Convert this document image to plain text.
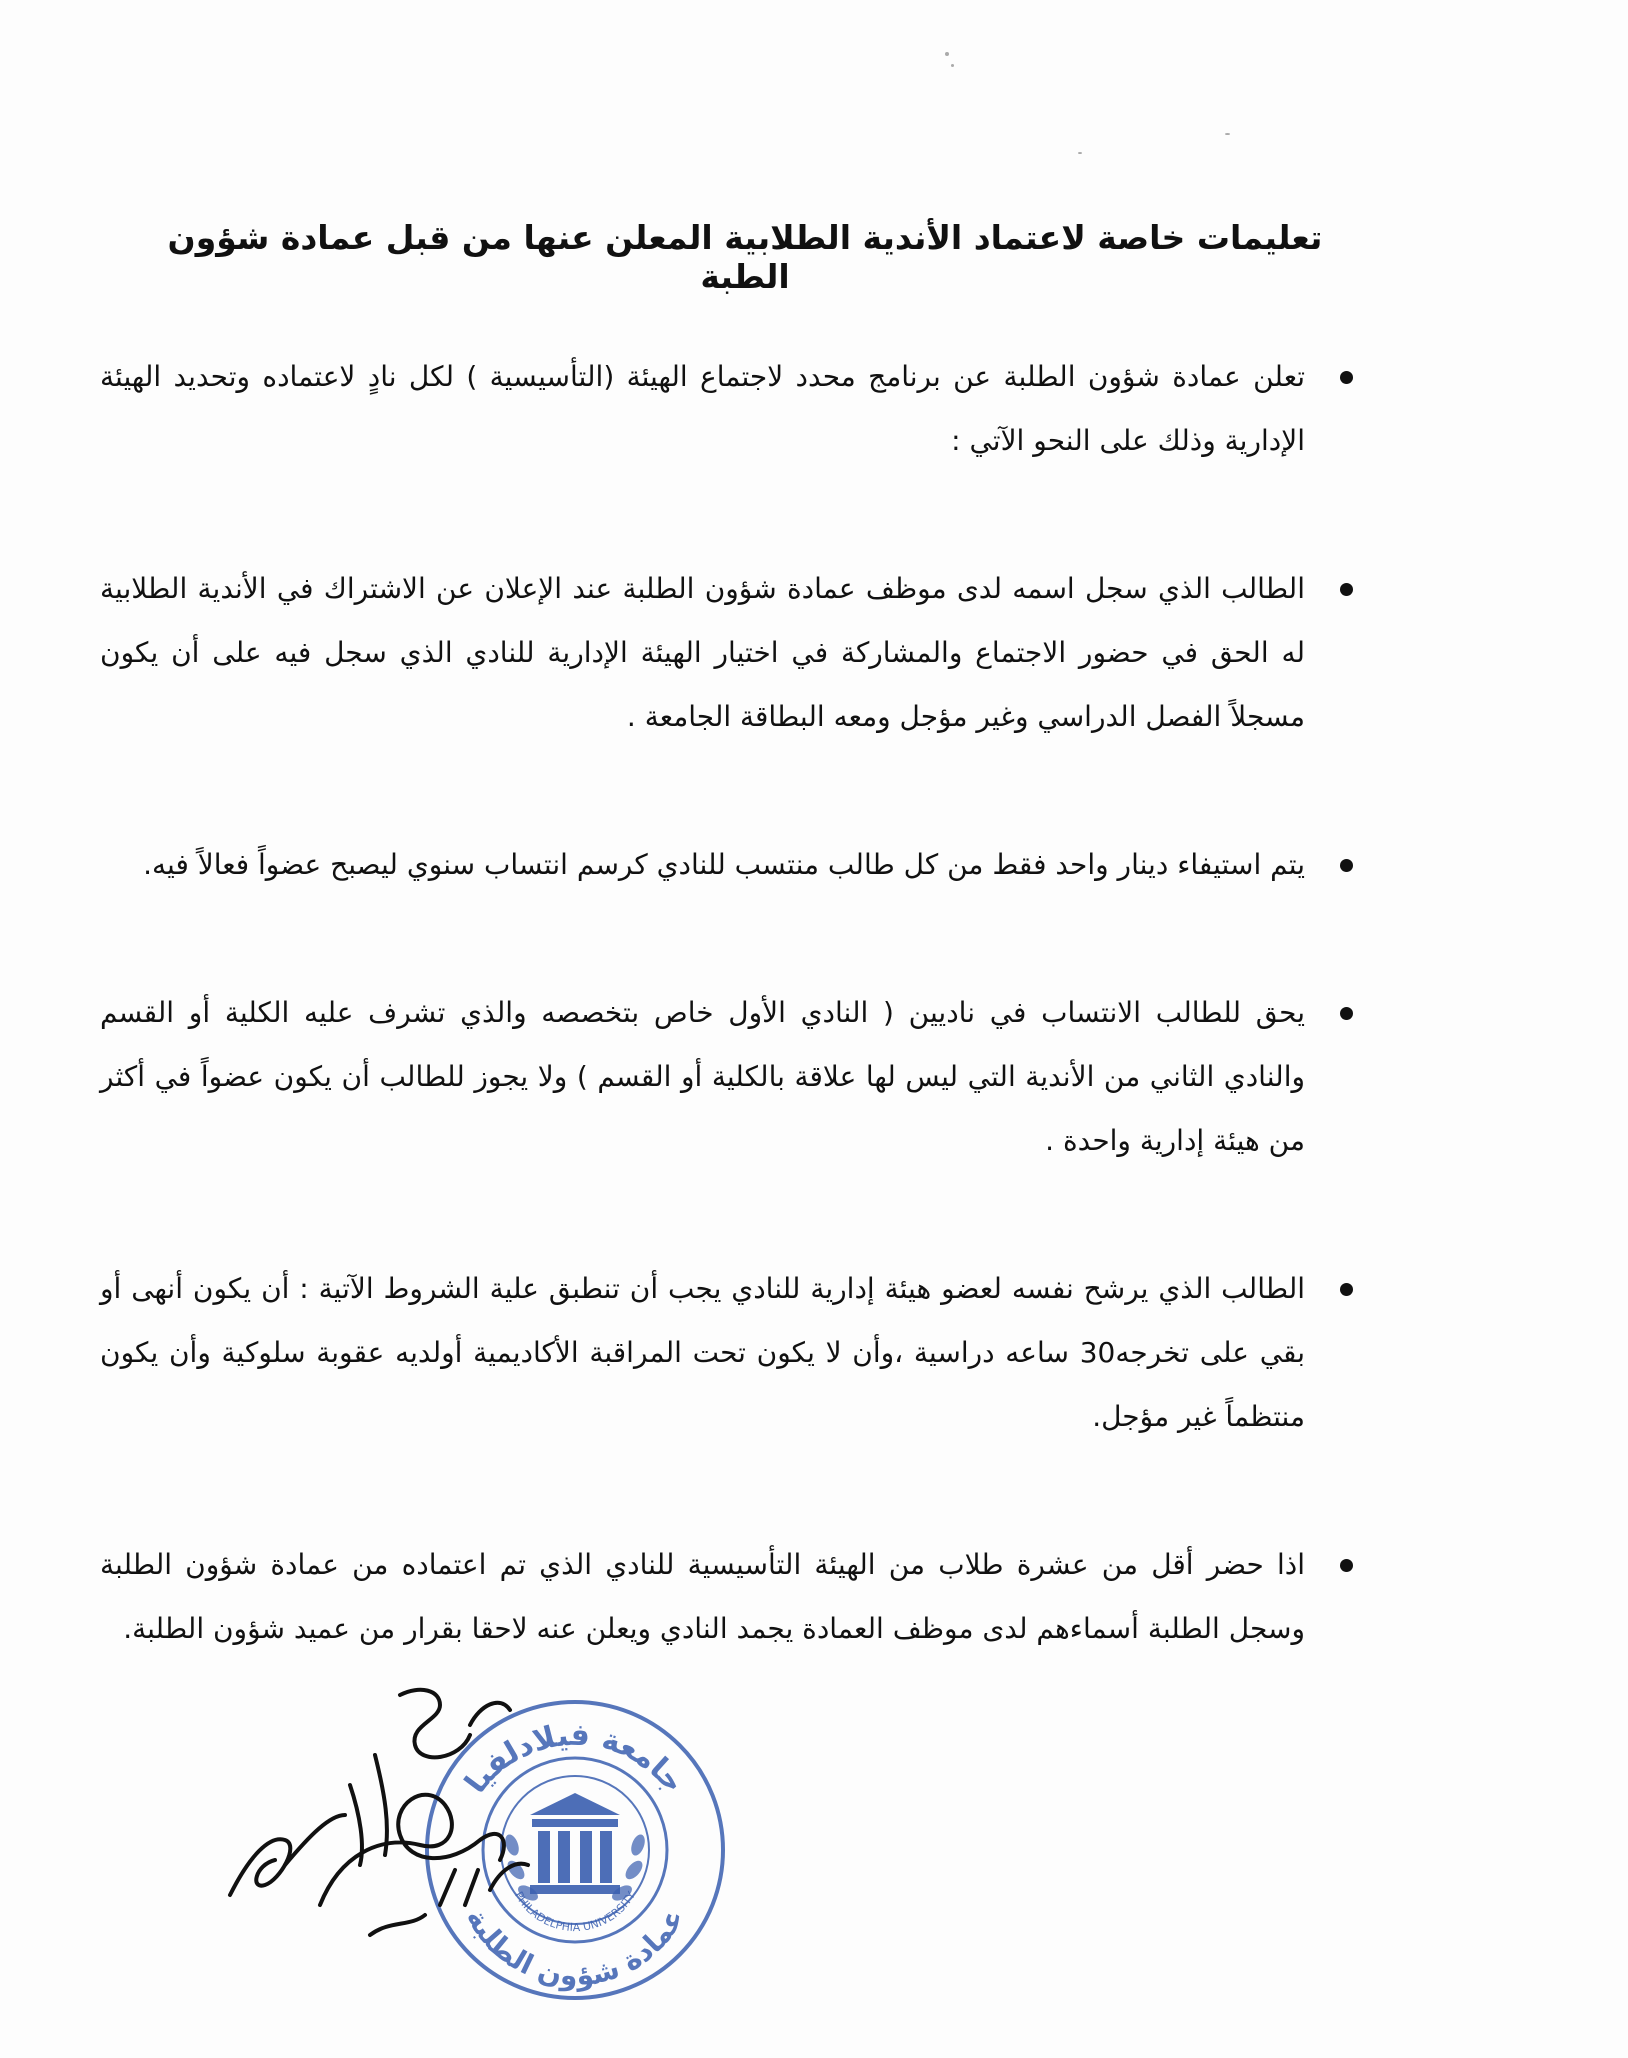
تعليمات خاصة لاعتماد الأندية الطلابية المعلن عنها من قبل عمادة شؤون الطبة
تعلن عمادة شؤون الطلبة عن برنامج محدد لاجتماع الهيئة (التأسيسية ) لكل نادٍ لاعتماده وتحديد الهيئة الإدارية وذلك على النحو الآتي :
الطالب الذي سجل اسمه لدى موظف عمادة شؤون الطلبة عند الإعلان عن الاشتراك في الأندية الطلابية له الحق في حضور الاجتماع والمشاركة في اختيار الهيئة الإدارية للنادي الذي سجل فيه على أن يكون مسجلاً الفصل الدراسي وغير مؤجل ومعه البطاقة الجامعة .
يتم استيفاء دينار واحد فقط من كل طالب منتسب للنادي كرسم انتساب سنوي ليصبح عضواً فعالاً فيه.
يحق للطالب الانتساب في ناديين ( النادي الأول خاص بتخصصه والذي تشرف عليه الكلية أو القسم والنادي الثاني من الأندية التي ليس لها علاقة بالكلية أو القسم ) ولا يجوز للطالب أن يكون عضواً في أكثر من هيئة إدارية واحدة .
الطالب الذي يرشح نفسه لعضو هيئة إدارية للنادي يجب أن تنطبق علية الشروط الآتية : أن يكون أنهى أو بقي على تخرجه30 ساعه دراسية ،وأن لا يكون تحت المراقبة الأكاديمية أولديه عقوبة سلوكية وأن يكون منتظماً غير مؤجل.
اذا حضر أقل من عشرة طلاب من الهيئة التأسيسية للنادي الذي تم اعتماده من عمادة شؤون الطلبة وسجل الطلبة أسماءهم لدى موظف العمادة يجمد النادي ويعلن عنه لاحقا بقرار من عميد شؤون الطلبة.
جامعة فيلادلفيا
عمادة شؤون الطلبة
PHILADELPHIA UNIVERSITY
